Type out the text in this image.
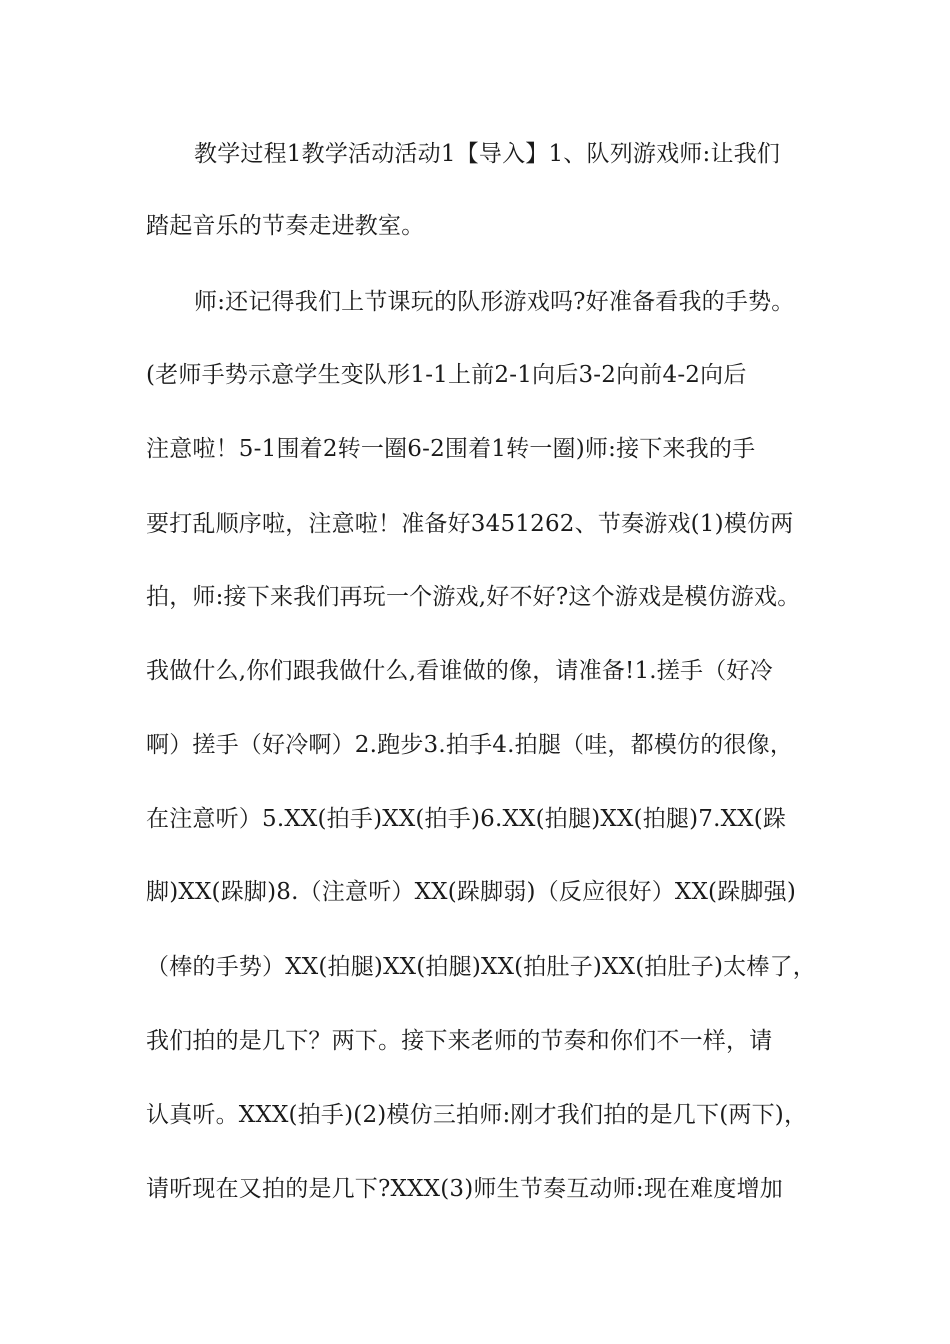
教学过程1教学活动活动1【导入】1、队列游戏师:让我们
踏起音乐的节奏走进教室。
师:还记得我们上节课玩的队形游戏吗?好准备看我的手势。
(老师手势示意学生变队形1-1上前2-1向后3-2向前4-2向后
注意啦！5-1围着2转一圈6-2围着1转一圈)师:接下来我的手
要打乱顺序啦，注意啦！准备好3451262、节奏游戏(1)模仿两
拍，师:接下来我们再玩一个游戏,好不好?这个游戏是模仿游戏。
我做什么,你们跟我做什么,看谁做的像，请准备!1.搓手（好冷
啊）搓手（好冷啊）2.跑步3.拍手4.拍腿（哇，都模仿的很像，
在注意听）5.XX(拍手)XX(拍手)6.XX(拍腿)XX(拍腿)7.XX(跺
脚)XX(跺脚)8.（注意听）XX(跺脚弱)（反应很好）XX(跺脚强)
（棒的手势）XX(拍腿)XX(拍腿)XX(拍肚子)XX(拍肚子)太棒了，
我们拍的是几下？两下。接下来老师的节奏和你们不一样，请
认真听。XXX(拍手)(2)模仿三拍师:刚才我们拍的是几下(两下)，
请听现在又拍的是几下?XXX(3)师生节奏互动师:现在难度增加
